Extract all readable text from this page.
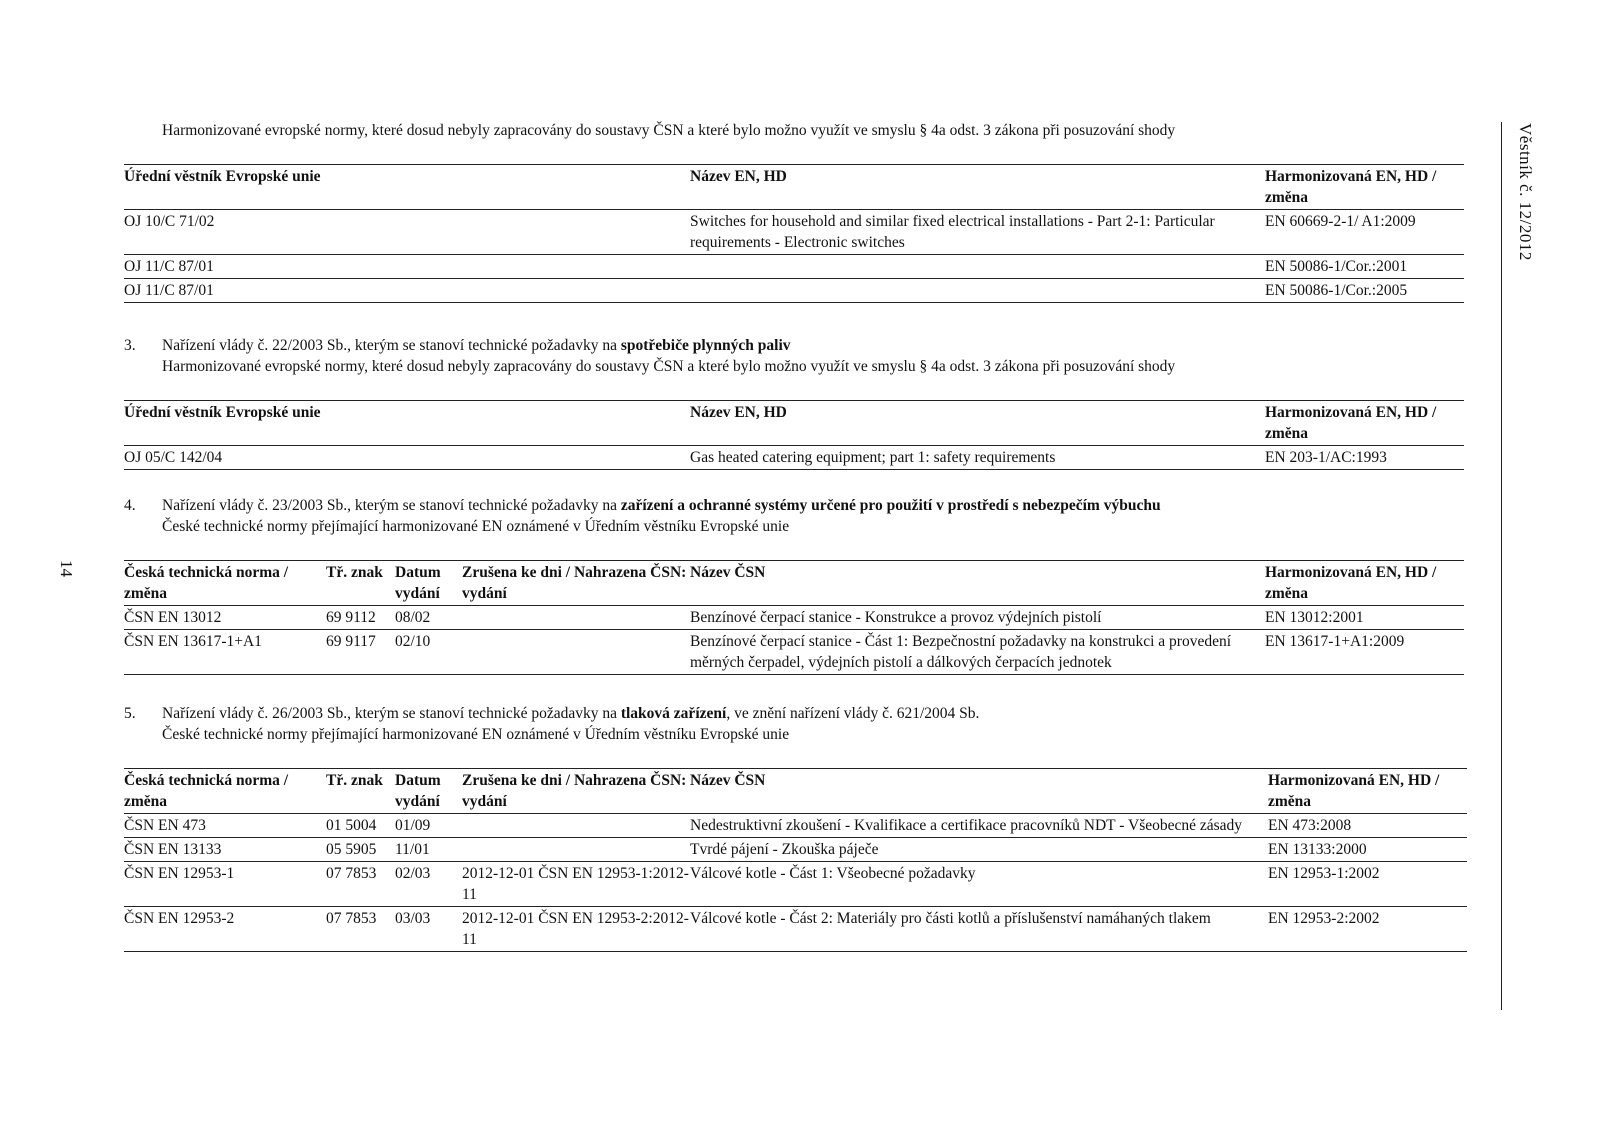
Věstník č. 12/2012
14

Harmonizované evropské normy, které dosud nebyly zapracovány do soustavy ČSN a které bylo možno využít ve smyslu § 4a odst. 3 zákona při posuzování shody

Úřední věstník Evropské unie	Název EN, HD	Harmonizovaná EN, HD / změna
OJ 10/C 71/02	Switches for household and similar fixed electrical installations - Part 2-1: Particular requirements - Electronic switches	EN 60669-2-1/ A1:2009
OJ 11/C 87/01		EN 50086-1/Cor.:2001
OJ 11/C 87/01		EN 50086-1/Cor.:2005
3.	Nařízení vlády č. 22/2003 Sb., kterým se stanoví technické požadavky na spotřebiče plynných paliv

Harmonizované evropské normy, které dosud nebyly zapracovány do soustavy ČSN a které bylo možno využít ve smyslu § 4a odst. 3 zákona při posuzování shody

Úřední věstník Evropské unie	Název EN, HD	Harmonizovaná EN, HD / změna
OJ 05/C 142/04	Gas heated catering equipment; part 1: safety requirements	EN 203-1/AC:1993
4.	Nařízení vlády č. 23/2003 Sb., kterým se stanoví technické požadavky na zařízení a ochranné systémy určené pro použití v prostředí s nebezpečím výbuchu

České technické normy přejímající harmonizované EN oznámené v Úředním věstníku Evropské unie

Česká technická norma / změna	Tř. znak	Datum vydání	Zrušena ke dni / Nahrazena ČSN: vydání	Název ČSN	Harmonizovaná EN, HD / změna
ČSN EN 13012	69 9112	08/02		Benzínové čerpací stanice - Konstrukce a provoz výdejních pistolí	EN 13012:2001
ČSN EN 13617-1+A1	69 9117	02/10		Benzínové čerpací stanice - Část 1: Bezpečnostní požadavky na konstrukci a provedení měrných čerpadel, výdejních pistolí a dálkových čerpacích jednotek	EN 13617-1+A1:2009
5.	Nařízení vlády č. 26/2003 Sb., kterým se stanoví technické požadavky na tlaková zařízení, ve znění nařízení vlády č. 621/2004 Sb.

České technické normy přejímající harmonizované EN oznámené v Úředním věstníku Evropské unie

Česká technická norma / změna	Tř. znak	Datum vydání	Zrušena ke dni / Nahrazena ČSN: vydání	Název ČSN	Harmonizovaná EN, HD / změna
ČSN EN 473	01 5004	01/09		Nedestruktivní zkoušení - Kvalifikace a certifikace pracovníků NDT - Všeobecné zásady	EN 473:2008
ČSN EN 13133	05 5905	11/01		Tvrdé pájení - Zkouška páječe	EN 13133:2000
ČSN EN 12953-1	07 7853	02/03	2012-12-01 ČSN EN 12953-1:2012-11	Válcové kotle - Část 1: Všeobecné požadavky	EN 12953-1:2002
ČSN EN 12953-2	07 7853	03/03	2012-12-01 ČSN EN 12953-2:2012-11	Válcové kotle - Část 2: Materiály pro části kotlů a příslušenství namáhaných tlakem	EN 12953-2:2002
